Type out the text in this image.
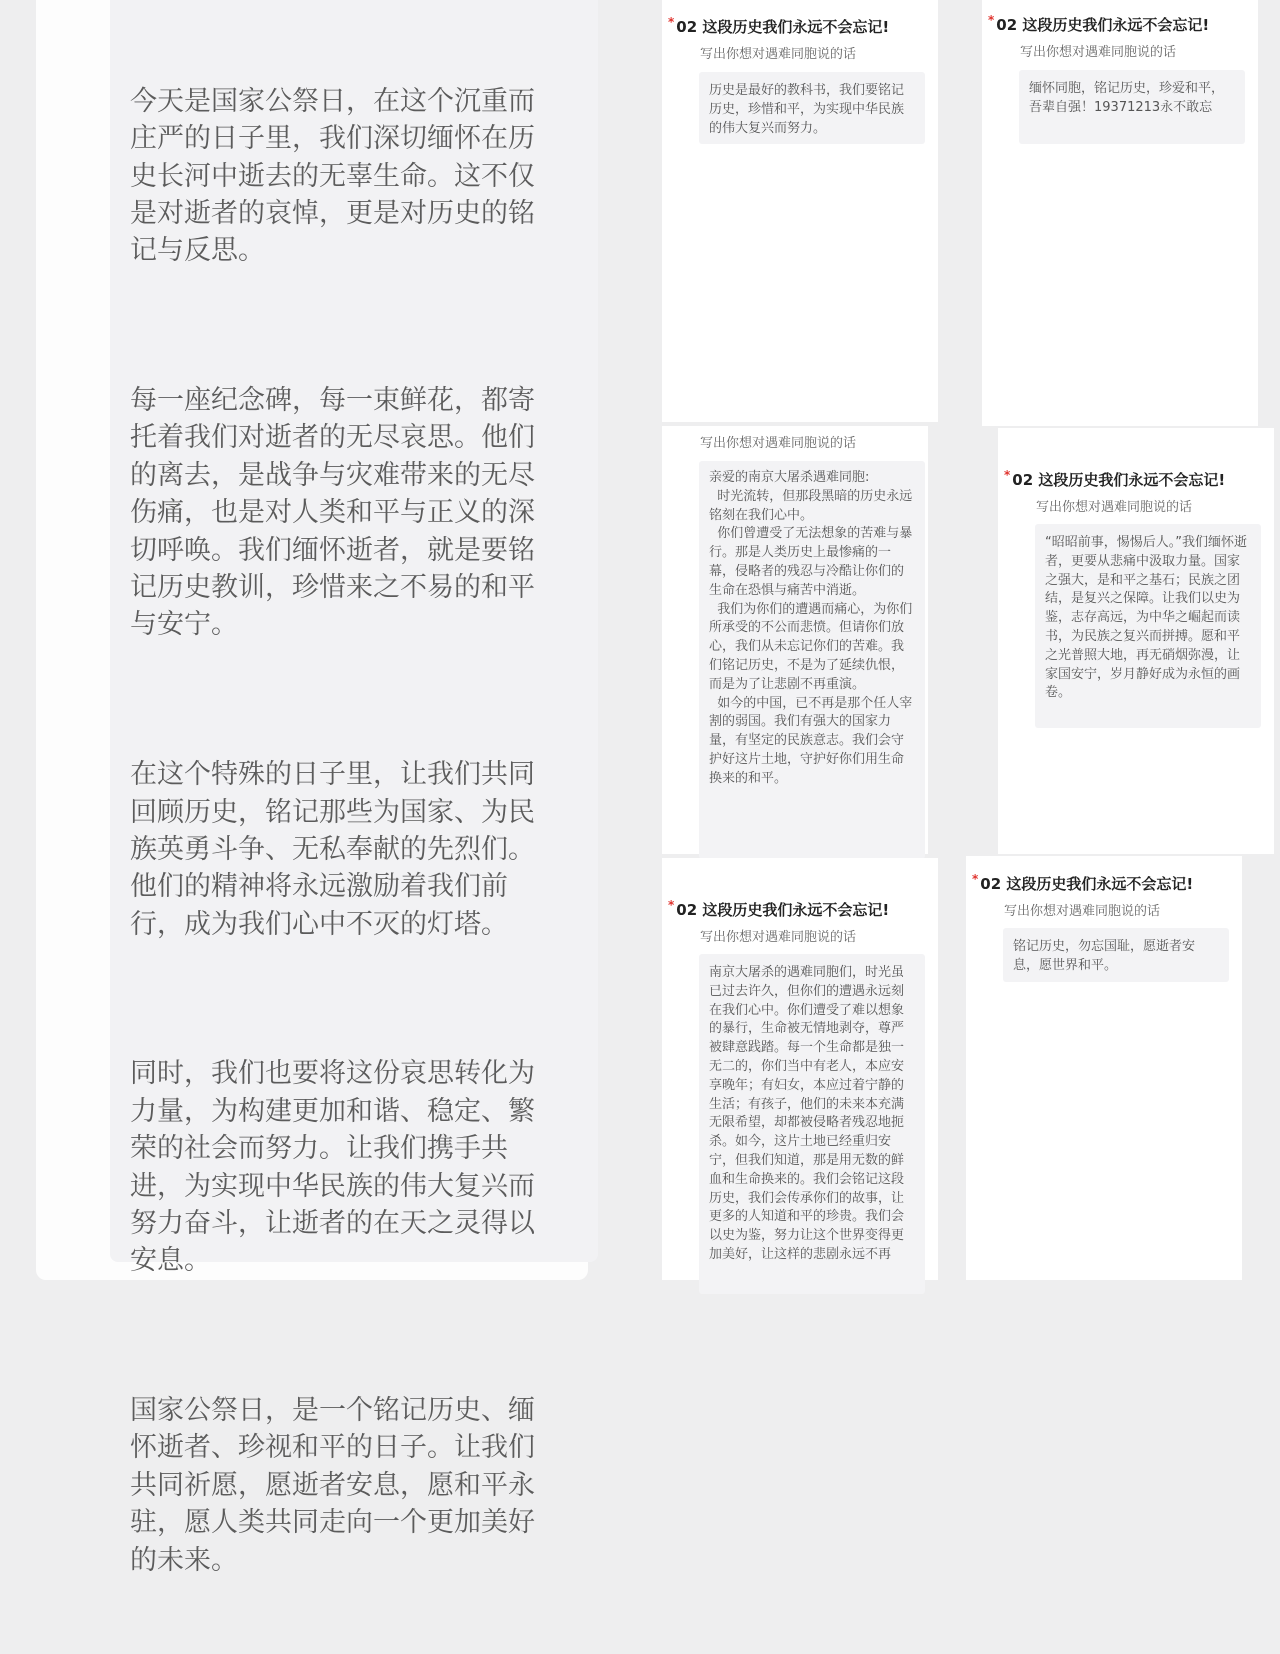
今天是国家公祭日，在这个沉重而庄严的日子里，我们深切缅怀在历史长河中逝去的无辜生命。这不仅是对逝者的哀悼，更是对历史的铭记与反思。

每一座纪念碑，每一束鲜花，都寄托着我们对逝者的无尽哀思。他们的离去，是战争与灾难带来的无尽伤痛，也是对人类和平与正义的深切呼唤。我们缅怀逝者，就是要铭记历史教训，珍惜来之不易的和平与安宁。

在这个特殊的日子里，让我们共同回顾历史，铭记那些为国家、为民族英勇斗争、无私奉献的先烈们。他们的精神将永远激励着我们前行，成为我们心中不灭的灯塔。

同时，我们也要将这份哀思转化为力量，为构建更加和谐、稳定、繁荣的社会而努力。让我们携手共进，为实现中华民族的伟大复兴而努力奋斗，让逝者的在天之灵得以安息。

国家公祭日，是一个铭记历史、缅怀逝者、珍视和平的日子。让我们共同祈愿，愿逝者安息，愿和平永驻，愿人类共同走向一个更加美好的未来。

* 02 这段历史我们永远不会忘记!
写出你想对遇难同胞说的话
历史是最好的教科书，我们要铭记历史，珍惜和平，为实现中华民族的伟大复兴而努力。
* 02 这段历史我们永远不会忘记!
写出你想对遇难同胞说的话
缅怀同胞，铭记历史，珍爱和平，吾辈自强！19371213永不敢忘
写出你想对遇难同胞说的话
亲爱的南京大屠杀遇难同胞:
时光流转，但那段黑暗的历史永远铭刻在我们心中。
你们曾遭受了无法想象的苦难与暴行。那是人类历史上最惨痛的一幕，侵略者的残忍与冷酷让你们的生命在恐惧与痛苦中消逝。
我们为你们的遭遇而痛心，为你们所承受的不公而悲愤。但请你们放心，我们从未忘记你们的苦难。我们铭记历史，不是为了延续仇恨，而是为了让悲剧不再重演。
如今的中国，已不再是那个任人宰割的弱国。我们有强大的国家力量，有坚定的民族意志。我们会守护好这片土地，守护好你们用生命换来的和平。
* 02 这段历史我们永远不会忘记!
写出你想对遇难同胞说的话
“昭昭前事，惕惕后人。”我们缅怀逝者，更要从悲痛中汲取力量。国家之强大，是和平之基石；民族之团结，是复兴之保障。让我们以史为鉴，志存高远，为中华之崛起而读书，为民族之复兴而拼搏。愿和平之光普照大地，再无硝烟弥漫，让家国安宁，岁月静好成为永恒的画卷。
* 02 这段历史我们永远不会忘记!
写出你想对遇难同胞说的话
南京大屠杀的遇难同胞们，时光虽已过去许久，但你们的遭遇永远刻在我们心中。你们遭受了难以想象的暴行，生命被无情地剥夺，尊严被肆意践踏。每一个生命都是独一无二的，你们当中有老人，本应安享晚年；有妇女，本应过着宁静的生活；有孩子，他们的未来本充满无限希望，却都被侵略者残忍地扼杀。如今，这片土地已经重归安宁，但我们知道，那是用无数的鲜血和生命换来的。我们会铭记这段历史，我们会传承你们的故事，让更多的人知道和平的珍贵。我们会以史为鉴，努力让这个世界变得更加美好，让这样的悲剧永远不再
* 02 这段历史我们永远不会忘记!
写出你想对遇难同胞说的话
铭记历史，勿忘国耻，愿逝者安息，愿世界和平。
